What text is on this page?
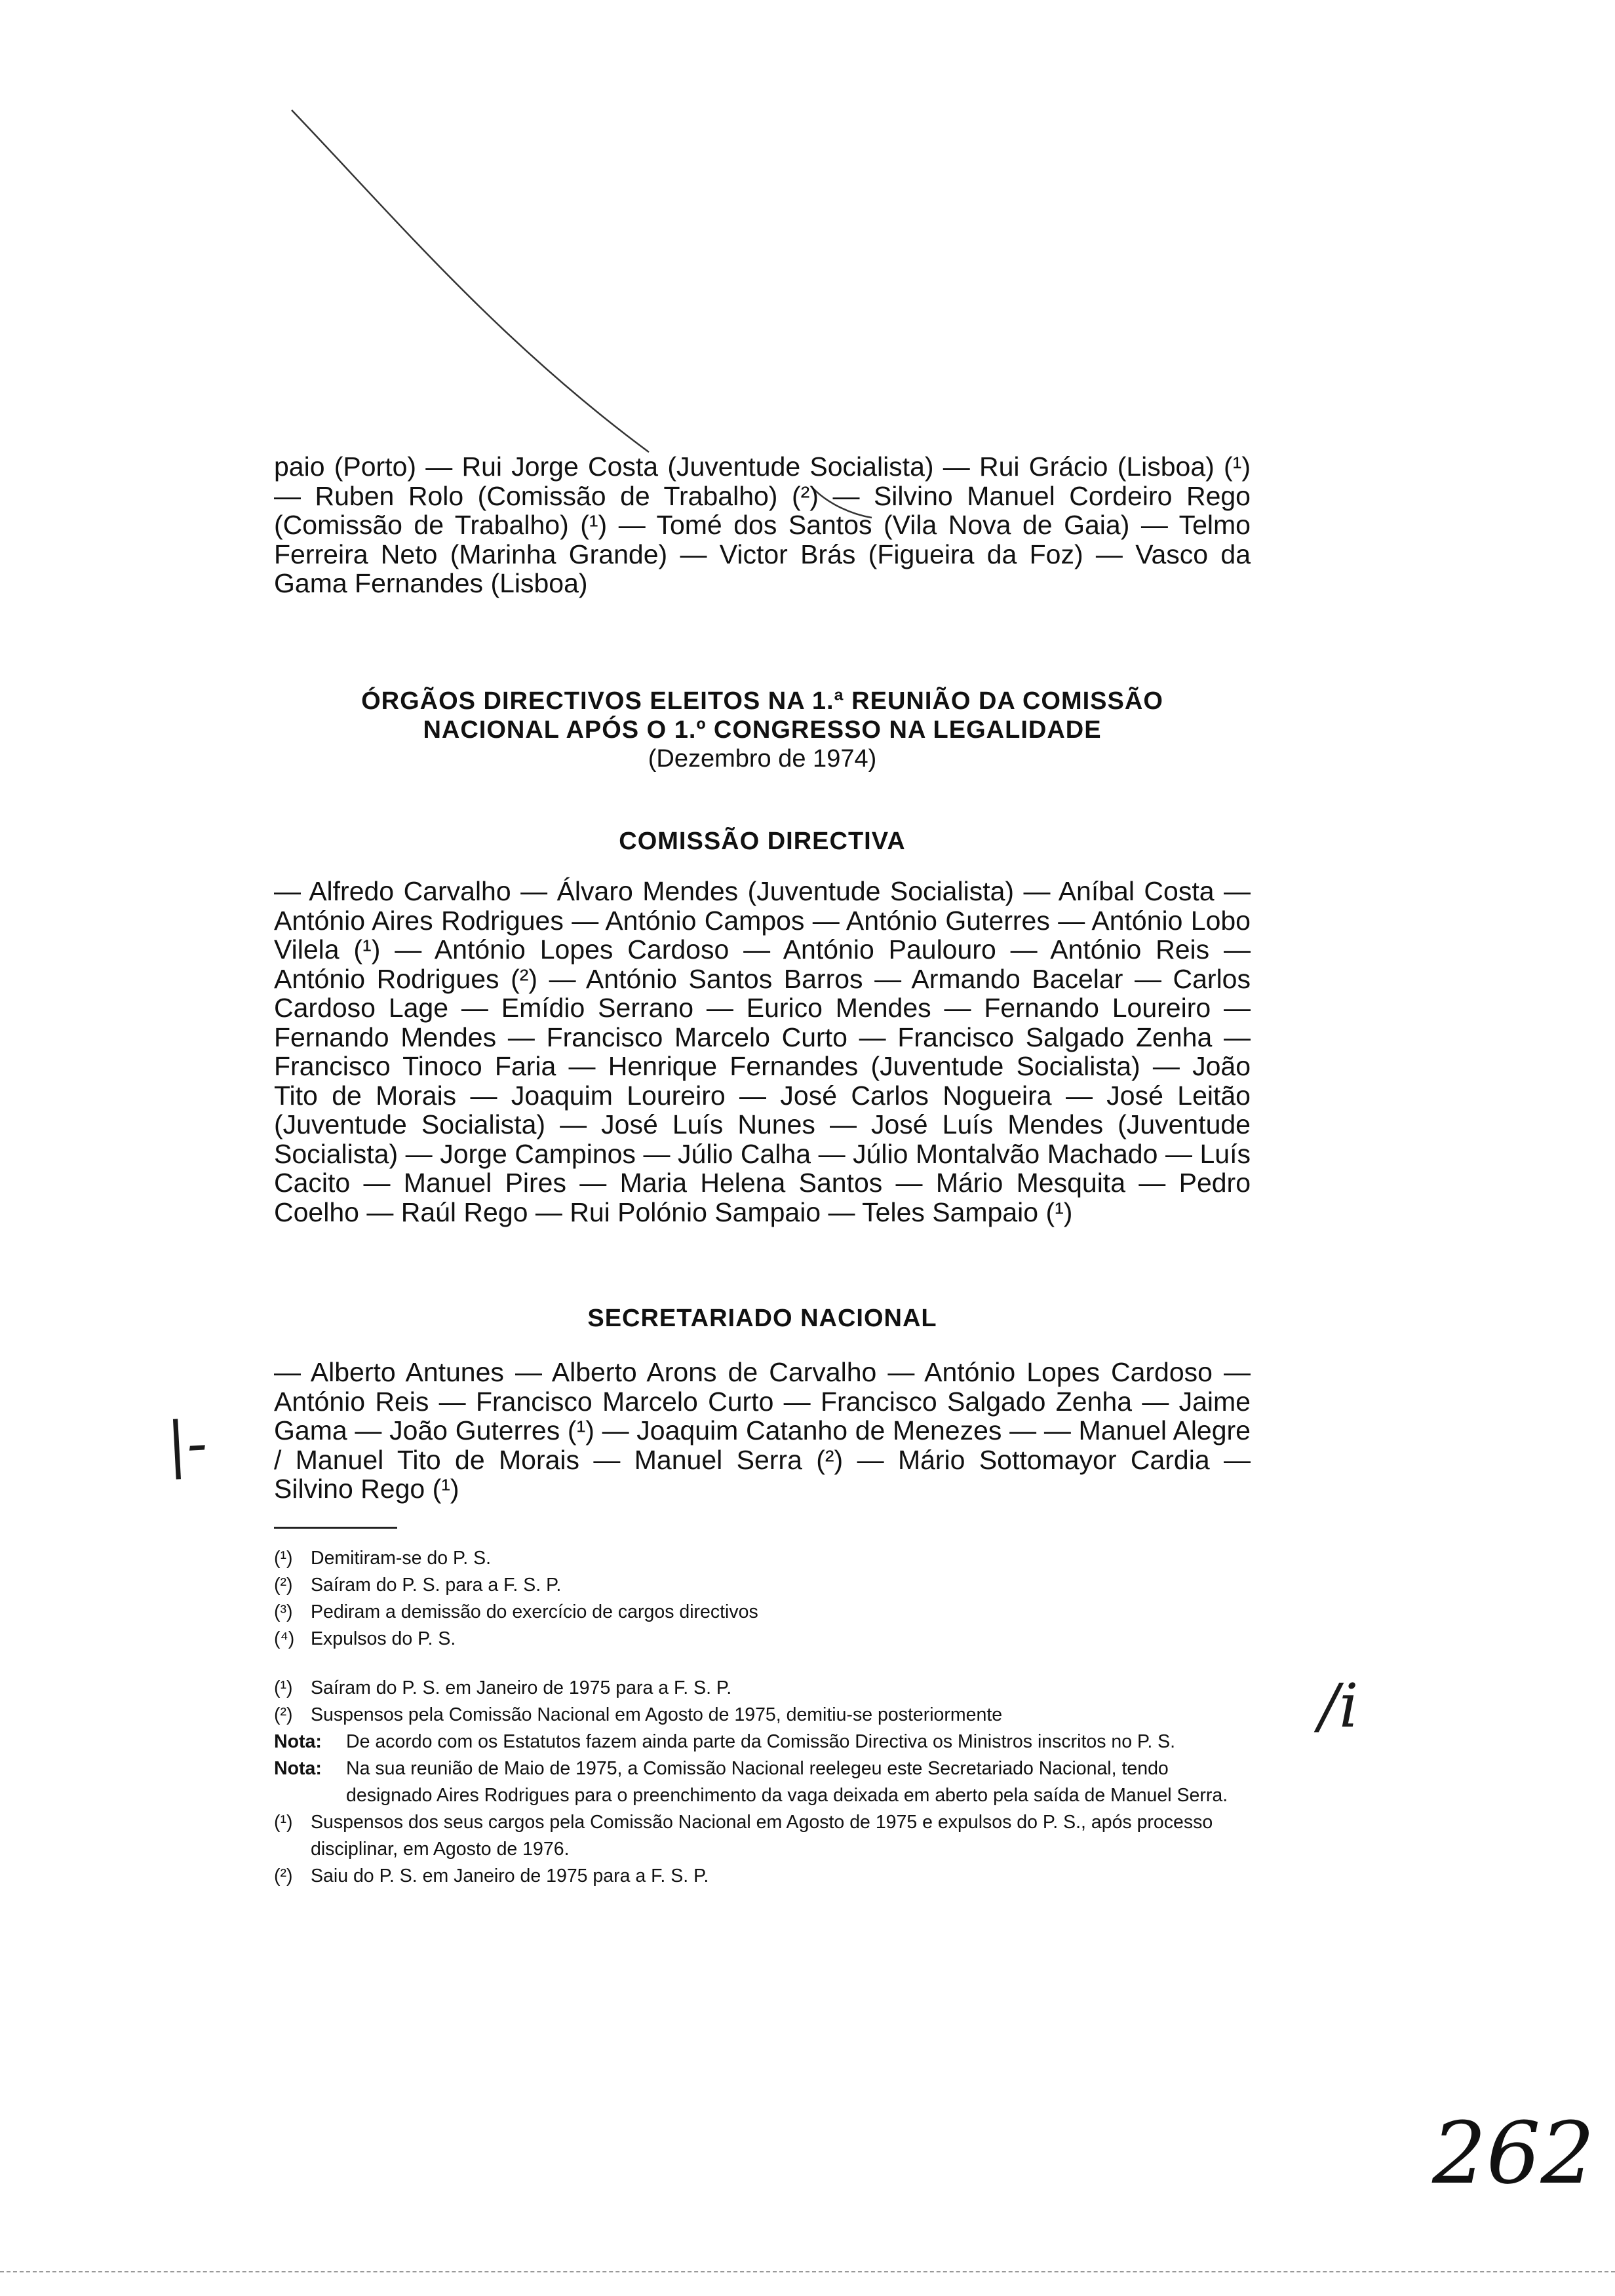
paio (Porto) — Rui Jorge Costa (Juventude Socialista) — Rui Grácio (Lisboa) (¹) — Ruben Rolo (Comissão de Trabalho) (²) — Silvino Manuel Cordeiro Rego (Comissão de Trabalho) (¹) — Tomé dos Santos (Vila Nova de Gaia) — Telmo Ferreira Neto (Marinha Grande) — Victor Brás (Figueira da Foz) — Vasco da Gama Fernandes (Lisboa)
ÓRGÃOS DIRECTIVOS ELEITOS NA 1.ª REUNIÃO DA COMISSÃO
NACIONAL APÓS O 1.º CONGRESSO NA LEGALIDADE
(Dezembro de 1974)
COMISSÃO DIRECTIVA
— Alfredo Carvalho — Álvaro Mendes (Juventude Socialista) — Aníbal Costa — António Aires Rodrigues — António Campos — António Guterres — António Lobo Vilela (¹) — António Lopes Cardoso — António Paulouro — António Reis — António Rodrigues (²) — António Santos Barros — Armando Bacelar — Carlos Cardoso Lage — Emídio Serrano — Eurico Mendes — Fernando Loureiro — Fernando Mendes — Francisco Marcelo Curto — Francisco Salgado Zenha — Francisco Tinoco Faria — Henrique Fernandes (Juventude Socialista) — João Tito de Morais — Joaquim Loureiro — José Carlos Nogueira — José Leitão (Juventude Socialista) — José Luís Nunes — José Luís Mendes (Juventude Socialista) — Jorge Campinos — Júlio Calha — Júlio Montalvão Machado — Luís Cacito — Manuel Pires — Maria Helena Santos — Mário Mesquita — Pedro Coelho — Raúl Rego — Rui Polónio Sampaio — Teles Sampaio (¹)
SECRETARIADO NACIONAL
— Alberto Antunes — Alberto Arons de Carvalho — António Lopes Cardoso — António Reis — Francisco Marcelo Curto — Francisco Salgado Zenha — Jaime Gama — João Guterres (¹) — Joaquim Catanho de Menezes — — Manuel Alegre / Manuel Tito de Morais — Manuel Serra (²) — Mário Sottomayor Cardia — Silvino Rego (¹)
(¹) Demitiram-se do P. S.
(²) Saíram do P. S. para a F. S. P.
(³) Pediram a demissão do exercício de cargos directivos
(⁴) Expulsos do P. S.
(¹) Saíram do P. S. em Janeiro de 1975 para a F. S. P.
(²) Suspensos pela Comissão Nacional em Agosto de 1975, demitiu-se posteriormente
Nota:	De acordo com os Estatutos fazem ainda parte da Comissão Directiva os Ministros inscritos no P. S.
Nota:	Na sua reunião de Maio de 1975, a Comissão Nacional reelegeu este Secretariado Nacional, tendo designado Aires Rodrigues para o preenchimento da vaga deixada em aberto pela saída de Manuel Serra.
(¹) Suspensos dos seus cargos pela Comissão Nacional em Agosto de 1975 e expulsos do P. S., após processo disciplinar, em Agosto de 1976.
(²) Saiu do P. S. em Janeiro de 1975 para a F. S. P.
|-
/i
262
